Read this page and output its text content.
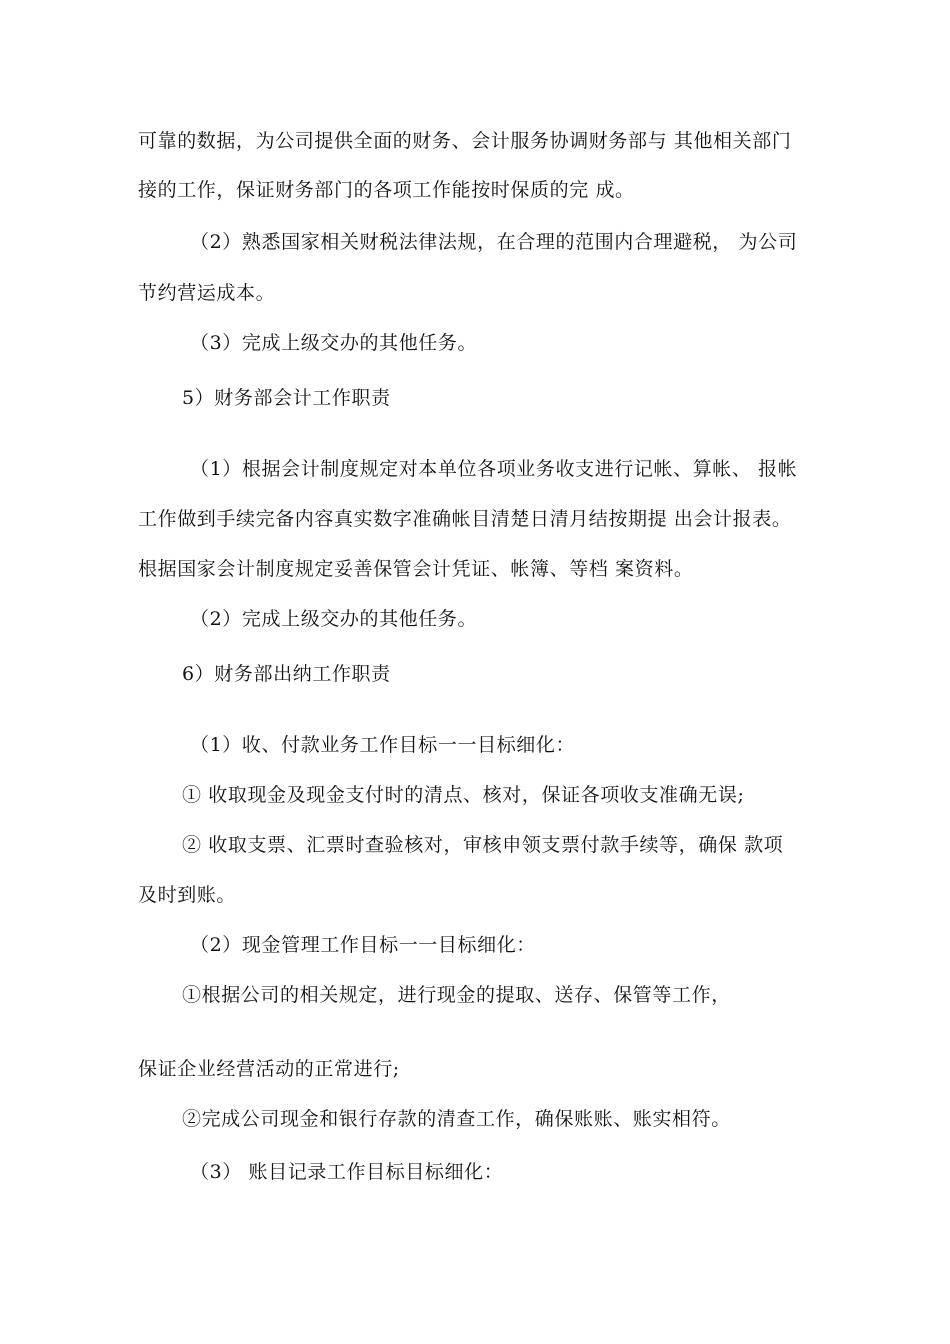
可靠的数据，为公司提供全面的财务、会计服务协调财务部与 其他相关部门
接的工作，保证财务部门的各项工作能按时保质的完 成。
（2）熟悉国家相关财税法律法规，在合理的范围内合理避税， 为公司
节约营运成本。
（3）完成上级交办的其他任务。
5）财务部会计工作职责
（1）根据会计制度规定对本单位各项业务收支进行记帐、算帐、 报帐
工作做到手续完备内容真实数字准确帐目清楚日清月结按期提 出会计报表。
根据国家会计制度规定妥善保管会计凭证、帐簿、等档 案资料。
（2）完成上级交办的其他任务。
6）财务部出纳工作职责
（1）收、付款业务工作目标一一目标细化：
① 收取现金及现金支付时的清点、核对，保证各项收支准确无误;
② 收取支票、汇票时查验核对，审核申领支票付款手续等，确保 款项
及时到账。
（2）现金管理工作目标一一目标细化：
①根据公司的相关规定，进行现金的提取、送存、保管等工作，
保证企业经营活动的正常进行;
②完成公司现金和银行存款的清查工作，确保账账、账实相符。
（3） 账目记录工作目标目标细化：
